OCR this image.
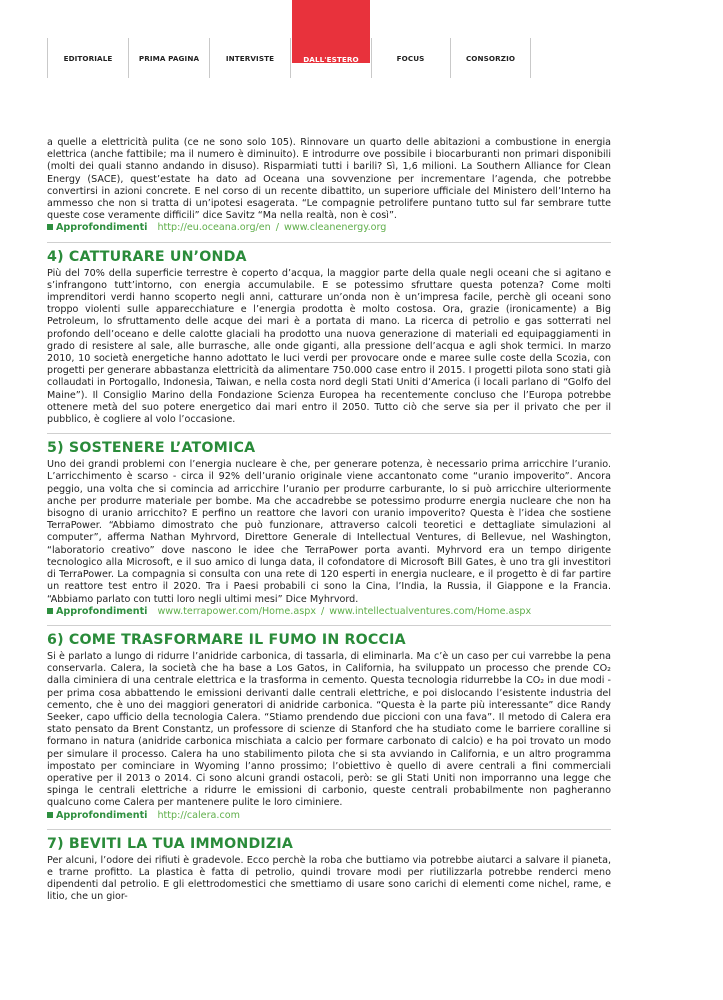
EDITORIALE	PRIMA PAGINA	INTERVISTE	DALL'ESTERO	FOCUS	CONSORZIO

a quelle a elettricità pulita (ce ne sono solo 105). Rinnovare un quarto delle abitazioni a combustione in energia elettrica (anche fattibile; ma il numero è diminuito). E introdurre ove possibile i biocarburanti non primari disponibili (molti dei quali stanno andando in disuso). Risparmiati tutti i barili? Sì, 1,6 milioni. La Southern Alliance for Clean Energy (SACE), quest’estate ha dato ad Oceana una sovvenzione per incrementare l’agenda, che potrebbe convertirsi in azioni concrete. E nel corso di un recente dibattito, un superiore ufficiale del Ministero dell’Interno ha ammesso che non si tratta di un’ipotesi esagerata. “Le compagnie petrolifere puntano tutto sul far sembrare tutte queste cose veramente difficili” dice Savitz “Ma nella realtà, non è così”.

Approfondimenti http://eu.oceana.org/en / www.cleanenergy.org
4) CATTURARE UN’ONDA

Più del 70% della superficie terrestre è coperto d’acqua, la maggior parte della quale negli oceani che si agitano e s’infrangono tutt’intorno, con energia accumulabile. E se potessimo sfruttare questa potenza? Come molti imprenditori verdi hanno scoperto negli anni, catturare un’onda non è un’impresa facile, perchè gli oceani sono troppo violenti sulle apparecchiature e l’energia prodotta è molto costosa. Ora, grazie (ironicamente) a Big Petroleum, lo sfruttamento delle acque dei mari è a portata di mano. La ricerca di petrolio e gas sotterrati nel profondo dell’oceano e delle calotte glaciali ha prodotto una nuova generazione di materiali ed equipaggiamenti in grado di resistere al sale, alle burrasche, alle onde giganti, alla pressione dell’acqua e agli shok termici. In marzo 2010, 10 società energetiche hanno adottato le luci verdi per provocare onde e maree sulle coste della Scozia, con progetti per generare abbastanza elettricità da alimentare 750.000 case entro il 2015. I progetti pilota sono stati già collaudati in Portogallo, Indonesia, Taiwan, e nella costa nord degli Stati Uniti d’America (i locali parlano di “Golfo del Maine”). Il Consiglio Marino della Fondazione Scienza Europea ha recentemente concluso che l’Europa potrebbe ottenere metà del suo potere energetico dai mari entro il 2050. Tutto ciò che serve sia per il privato che per il pubblico, è cogliere al volo l’occasione.

5) SOSTENERE L’ATOMICA

Uno dei grandi problemi con l’energia nucleare è che, per generare potenza, è necessario prima arricchire l’uranio. L’arricchimento è scarso - circa il 92% dell’uranio originale viene accantonato come “uranio impoverito”. Ancora peggio, una volta che si comincia ad arricchire l’uranio per produrre carburante, lo si può arricchire ulteriormente anche per produrre materiale per bombe. Ma che accadrebbe se potessimo produrre energia nucleare che non ha bisogno di uranio arricchito? E perfino un reattore che lavori con uranio impoverito? Questa è l’idea che sostiene TerraPower. “Abbiamo dimostrato che può funzionare, attraverso calcoli teoretici e dettagliate simulazioni al computer”, afferma Nathan Myhrvord, Direttore Generale di Intellectual Ventures, di Bellevue, nel Washington, “laboratorio creativo” dove nascono le idee che TerraPower porta avanti. Myhrvord era un tempo dirigente tecnologico alla Microsoft, e il suo amico di lunga data, il cofondatore di Microsoft Bill Gates, è uno tra gli investitori di TerraPower. La compagnia si consulta con una rete di 120 esperti in energia nucleare, e il progetto è di far partire un reattore test entro il 2020. Tra i Paesi probabili ci sono la Cina, l’India, la Russia, il Giappone e la Francia. “Abbiamo parlato con tutti loro negli ultimi mesi” Dice Myhrvord.

Approfondimenti www.terrapower.com/Home.aspx / www.intellectualventures.com/Home.aspx
6) COME TRASFORMARE IL FUMO IN ROCCIA

Si è parlato a lungo di ridurre l’anidride carbonica, di tassarla, di eliminarla. Ma c’è un caso per cui varrebbe la pena conservarla. Calera, la società che ha base a Los Gatos, in California, ha sviluppato un processo che prende CO₂ dalla ciminiera di una centrale elettrica e la trasforma in cemento. Questa tecnologia ridurrebbe la CO₂ in due modi - per prima cosa abbattendo le emissioni derivanti dalle centrali elettriche, e poi dislocando l’esistente industria del cemento, che è uno dei maggiori generatori di anidride carbonica. “Questa è la parte più interessante” dice Randy Seeker, capo ufficio della tecnologia Calera. “Stiamo prendendo due piccioni con una fava”. Il metodo di Calera era stato pensato da Brent Constantz, un professore di scienze di Stanford che ha studiato come le barriere coralline si formano in natura (anidride carbonica mischiata a calcio per formare carbonato di calcio) e ha poi trovato un modo per simulare il processo. Calera ha uno stabilimento pilota che si sta avviando in California, e un altro programma impostato per cominciare in Wyoming l’anno prossimo; l’obiettivo è quello di avere centrali a fini commerciali operative per il 2013 o 2014. Ci sono alcuni grandi ostacoli, però: se gli Stati Uniti non imporranno una legge che spinga le centrali elettriche a ridurre le emissioni di carbonio, queste centrali probabilmente non pagheranno qualcuno come Calera per mantenere pulite le loro ciminiere.

Approfondimenti http://calera.com
7) BEVITI LA TUA IMMONDIZIA

Per alcuni, l’odore dei rifiuti è gradevole. Ecco perchè la roba che buttiamo via potrebbe aiutarci a salvare il pianeta, e trarne profitto. La plastica è fatta di petrolio, quindi trovare modi per riutilizzarla potrebbe renderci meno dipendenti dal petrolio. E gli elettrodomestici che smettiamo di usare sono carichi di elementi come nichel, rame, e litio, che un gior-
